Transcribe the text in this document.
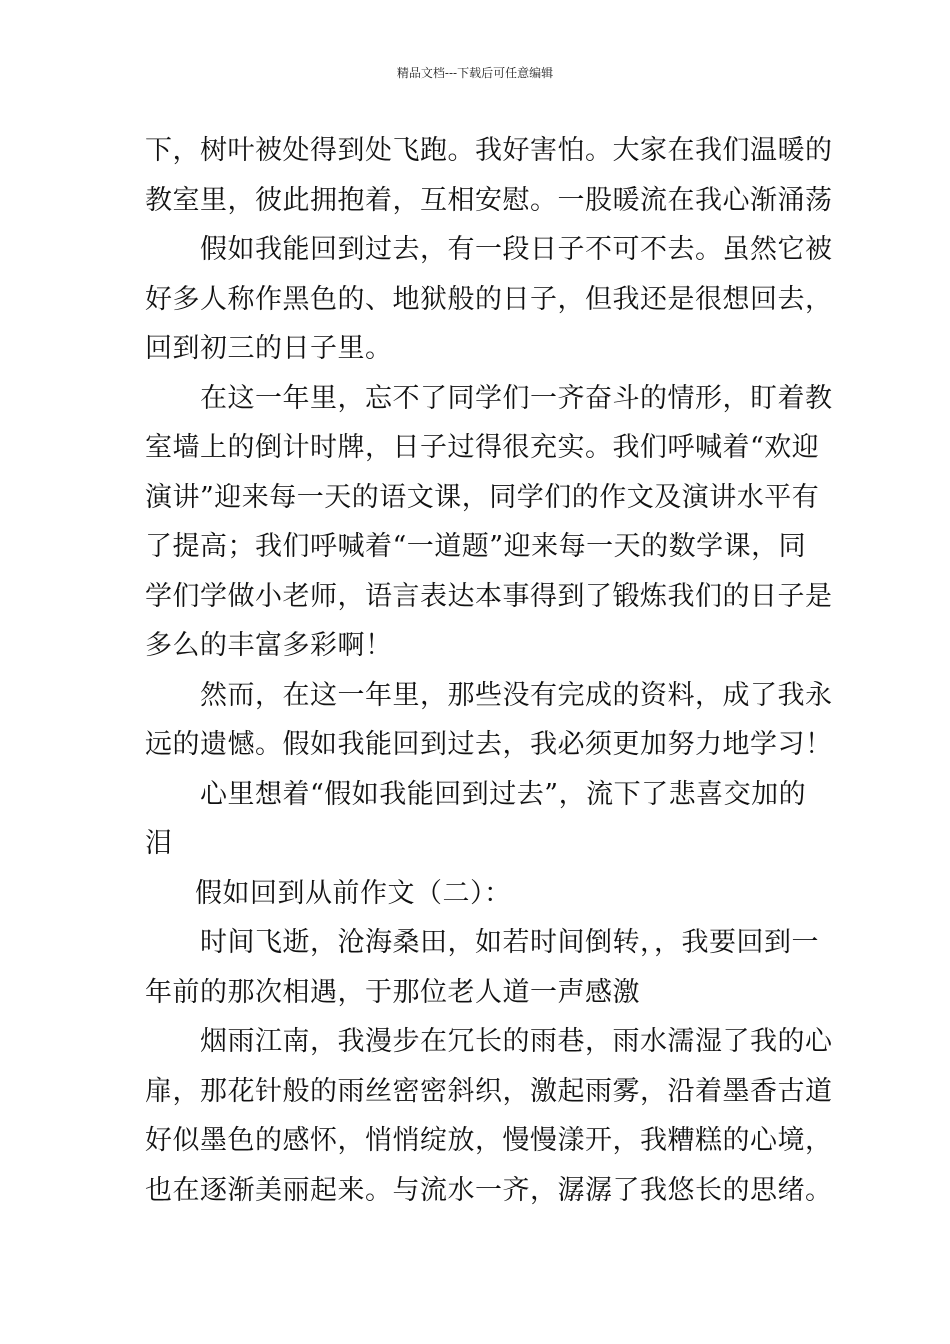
精品文档---下载后可任意编辑
下，树叶被处得到处飞跑。我好害怕。大家在我们温暖的
教室里，彼此拥抱着，互相安慰。一股暖流在我心渐涌荡
假如我能回到过去，有一段日子不可不去。虽然它被
好多人称作黑色的、地狱般的日子，但我还是很想回去，
回到初三的日子里。
在这一年里，忘不了同学们一齐奋斗的情形，盯着教
室墙上的倒计时牌，日子过得很充实。我们呼喊着“欢迎
演讲”迎来每一天的语文课，同学们的作文及演讲水平有
了提高；我们呼喊着“一道题”迎来每一天的数学课，同
学们学做小老师，语言表达本事得到了锻炼我们的日子是
多么的丰富多彩啊！
然而，在这一年里，那些没有完成的资料，成了我永
远的遗憾。假如我能回到过去，我必须更加努力地学习！
心里想着“假如我能回到过去”，流下了悲喜交加的
泪
假如回到从前作文（二）：
时间飞逝，沧海桑田，如若时间倒转，，我要回到一
年前的那次相遇，于那位老人道一声感激
烟雨江南，我漫步在冗长的雨巷，雨水濡湿了我的心
扉，那花针般的雨丝密密斜织，激起雨雾，沿着墨香古道
好似墨色的感怀，悄悄绽放，慢慢漾开，我糟糕的心境，
也在逐渐美丽起来。与流水一齐，潺潺了我悠长的思绪。
